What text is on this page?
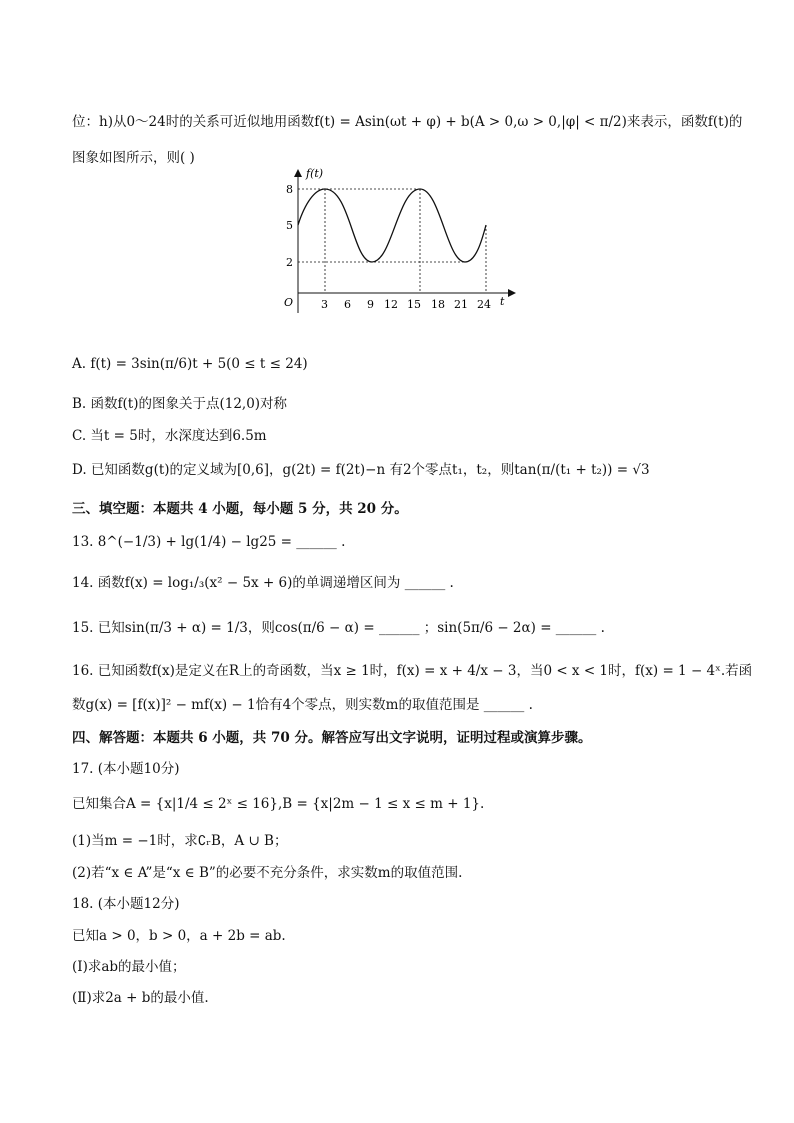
位：h)从0～24时的关系可近似地用函数f(t) = Asin(ωt + φ) + b(A > 0,ω > 0,|φ| < π/2)来表示，函数f(t)的
图象如图所示，则( )
f(t)
t
O
8
5
2
3 6 9 12 15 18 21 24
A. f(t) = 3sin(π/6)t + 5(0 ≤ t ≤ 24)
B. 函数f(t)的图象关于点(12,0)对称
C. 当t = 5时，水深度达到6.5m
D. 已知函数g(t)的定义域为[0,6]，g(2t) = f(2t)−n 有2个零点t₁，t₂，则tan(π/(t₁ + t₂)) = √3
三、填空题：本题共 4 小题，每小题 5 分，共 20 分。
13. 8^(−1/3) + lg(1/4) − lg25 = ______ .
14. 函数f(x) = log₁/₃(x² − 5x + 6)的单调递增区间为 ______ .
15. 已知sin(π/3 + α) = 1/3，则cos(π/6 − α) = ______ ；sin(5π/6 − 2α) = ______ .
16. 已知函数f(x)是定义在R上的奇函数，当x ≥ 1时，f(x) = x + 4/x − 3，当0 < x < 1时，f(x) = 1 − 4ˣ.若函
数g(x) = [f(x)]² − mf(x) − 1恰有4个零点，则实数m的取值范围是 ______ .
四、解答题：本题共 6 小题，共 70 分。解答应写出文字说明，证明过程或演算步骤。
17. (本小题10分)
已知集合A = {x|1/4 ≤ 2ˣ ≤ 16},B = {x|2m − 1 ≤ x ≤ m + 1}.
(1)当m = −1时，求∁ᵣB，A ∪ B；
(2)若“x ∈ A”是“x ∈ B”的必要不充分条件，求实数m的取值范围.
18. (本小题12分)
已知a > 0，b > 0，a + 2b = ab.
(Ⅰ)求ab的最小值；
(Ⅱ)求2a + b的最小值.
